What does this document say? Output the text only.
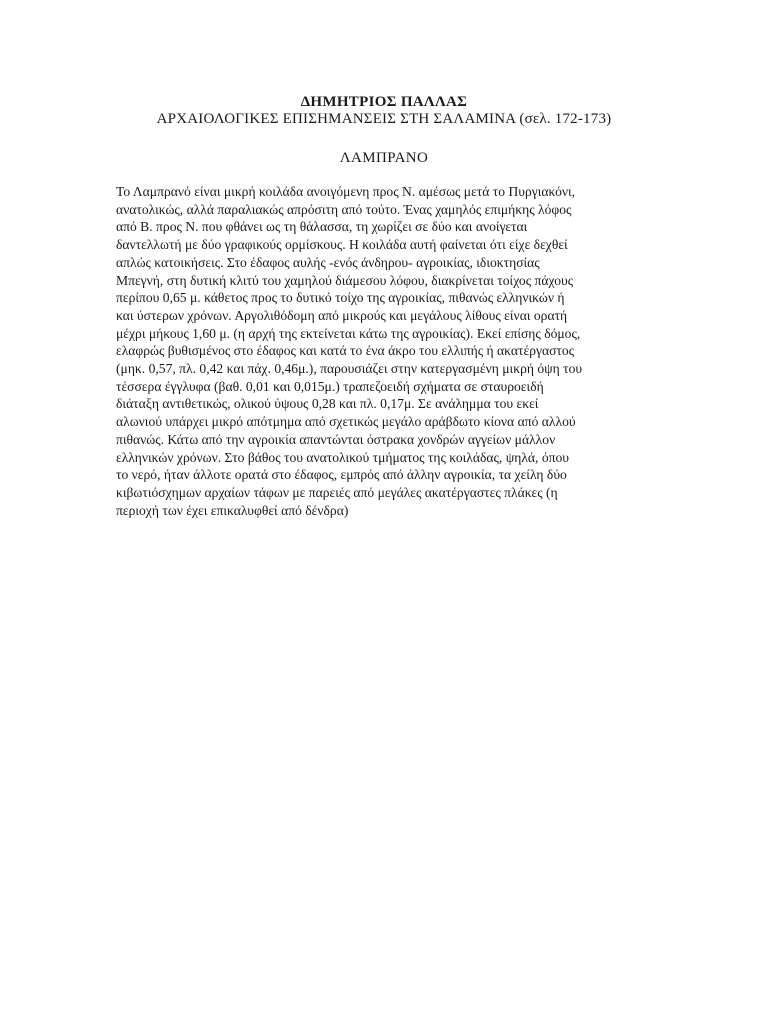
ΔΗΜΗΤΡΙΟΣ ΠΑΛΛΑΣ
ΑΡΧΑΙΟΛΟΓΙΚΕΣ ΕΠΙΣΗΜΑΝΣΕΙΣ ΣΤΗ ΣΑΛΑΜΙΝΑ (σελ. 172-173)
ΛΑΜΠΡΑΝΟ
Το Λαμπρανό είναι μικρή κοιλάδα ανοιγόμενη προς Ν. αμέσως μετά το Πυργιακόνι,
ανατολικώς, αλλά παραλιακώς απρόσιτη από τούτο. Ένας χαμηλός επιμήκης λόφος
από Β. προς Ν. που φθάνει ως τη θάλασσα, τη χωρίζει σε δύο και ανοίγεται
δαντελλωτή με δύο γραφικούς ορμίσκους. Η κοιλάδα αυτή φαίνεται ότι είχε δεχθεί
απλώς κατοικήσεις. Στο έδαφος αυλής -ενός άνδηρου- αγροικίας, ιδιοκτησίας
Μπεγνή, στη δυτική κλιτύ του χαμηλού διάμεσου λόφου, διακρίνεται τοίχος πάχους
περίπου 0,65 μ. κάθετος προς το δυτικό τοίχο της αγροικίας, πιθανώς ελληνικών ή
και ύστερων χρόνων. Αργολιθόδομη από μικρούς και μεγάλους λίθους είναι ορατή
μέχρι μήκους 1,60 μ. (η αρχή της εκτείνεται κάτω της αγροικίας). Εκεί επίσης δόμος,
ελαφρώς βυθισμένος στο έδαφος και κατά το ένα άκρο του ελλιπής ή ακατέργαστος
(μηκ. 0,57, πλ. 0,42 και πάχ. 0,46μ.), παρουσιάζει στην κατεργασμένη μικρή όψη του
τέσσερα έγγλυφα (βαθ. 0,01 και 0,015μ.) τραπεζοειδή σχήματα σε σταυροειδή
διάταξη αντιθετικώς, ολικού ύψους 0,28 και πλ. 0,17μ. Σε ανάλημμα του εκεί
αλωνιού υπάρχει μικρό απότμημα από σχετικώς μεγάλο αράβδωτο κίονα από αλλού
πιθανώς. Κάτω από την αγροικία απαντώνται όστρακα χονδρών αγγείων μάλλον
ελληνικών χρόνων. Στο βάθος του ανατολικού τμήματος της κοιλάδας, ψηλά, όπου
το νερό, ήταν άλλοτε ορατά στο έδαφος, εμπρός από άλλην αγροικία, τα χείλη δύο
κιβωτιόσχημων αρχαίων τάφων με παρειές από μεγάλες ακατέργαστες πλάκες (η
περιοχή των έχει επικαλυφθεί από δένδρα)
